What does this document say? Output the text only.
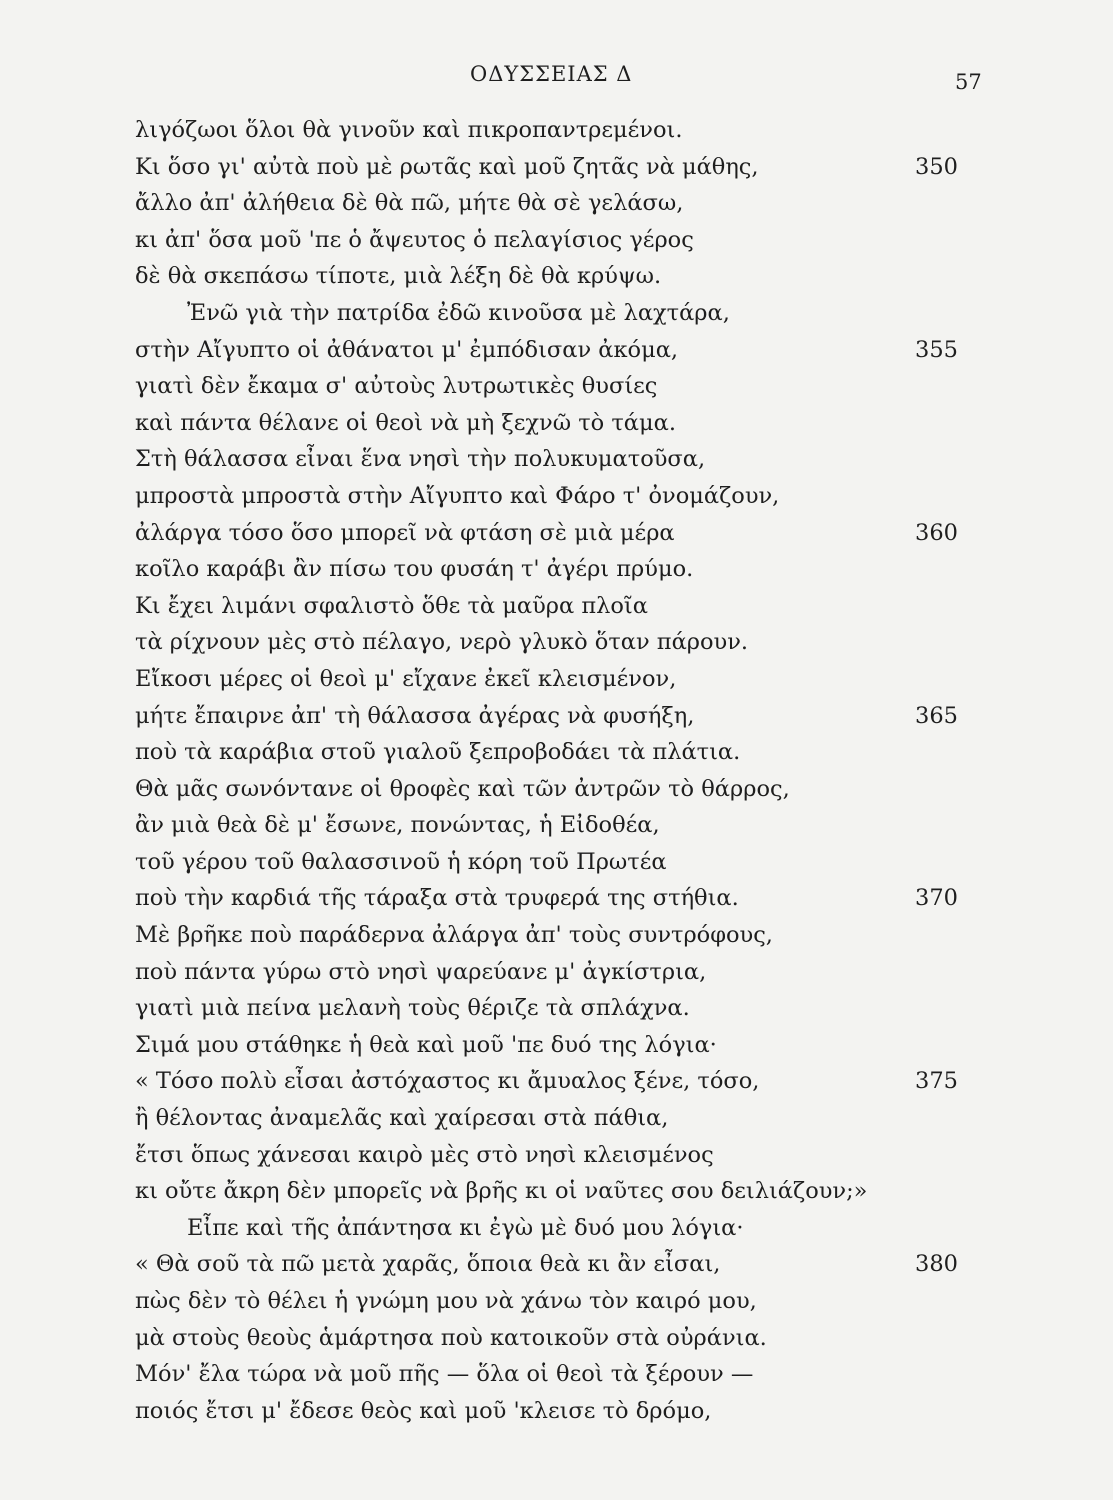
ΟΔΥΣΣΕΙΑΣ Δ	57
λιγόζωοι ὅλοι θὰ γινοῦν καὶ πικροπαντρεμένοι.
Κι ὅσο γι' αὐτὰ ποὺ μὲ ρωτᾶς καὶ μοῦ ζητᾶς νὰ μάθης,	350
ἄλλο ἀπ' ἀλήθεια δὲ θὰ πῶ, μήτε θὰ σὲ γελάσω,
κι ἀπ' ὅσα μοῦ 'πε ὁ ἄψευτος ὁ πελαγίσιος γέρος
δὲ θὰ σκεπάσω τίποτε, μιὰ λέξη δὲ θὰ κρύψω.
Ἐνῶ γιὰ τὴν πατρίδα ἐδῶ κινοῦσα μὲ λαχτάρα,
στὴν Αἴγυπτο οἱ ἀθάνατοι μ' ἐμπόδισαν ἀκόμα,	355
γιατὶ δὲν ἔκαμα σ' αὐτοὺς λυτρωτικὲς θυσίες
καὶ πάντα θέλανε οἱ θεοὶ νὰ μὴ ξεχνῶ τὸ τάμα.
Στὴ θάλασσα εἶναι ἕνα νησὶ τὴν πολυκυματοῦσα,
μπροστὰ μπροστὰ στὴν Αἴγυπτο καὶ Φάρο τ' ὀνομάζουν,
ἀλάργα τόσο ὅσο μπορεῖ νὰ φτάση σὲ μιὰ μέρα	360
κοῖλο καράβι ἂν πίσω του φυσάη τ' ἀγέρι πρύμο.
Κι ἔχει λιμάνι σφαλιστὸ ὅθε τὰ μαῦρα πλοῖα
τὰ ρίχνουν μὲς στὸ πέλαγο, νερὸ γλυκὸ ὅταν πάρουν.
Εἴκοσι μέρες οἱ θεοὶ μ' εἴχανε ἐκεῖ κλεισμένον,
μήτε ἔπαιρνε ἀπ' τὴ θάλασσα ἀγέρας νὰ φυσήξη,	365
ποὺ τὰ καράβια στοῦ γιαλοῦ ξεπροβοδάει τὰ πλάτια.
Θὰ μᾶς σωνόντανε οἱ θροφὲς καὶ τῶν ἀντρῶν τὸ θάρρος,
ἂν μιὰ θεὰ δὲ μ' ἔσωνε, πονώντας, ἡ Εἰδοθέα,
τοῦ γέρου τοῦ θαλασσινοῦ ἡ κόρη τοῦ Πρωτέα
ποὺ τὴν καρδιά τῆς τάραξα στὰ τρυφερά της στήθια.	370
Μὲ βρῆκε ποὺ παράδερνα ἀλάργα ἀπ' τοὺς συντρόφους,
ποὺ πάντα γύρω στὸ νησὶ ψαρεύανε μ' ἀγκίστρια,
γιατὶ μιὰ πείνα μελανὴ τοὺς θέριζε τὰ σπλάχνα.
Σιμά μου στάθηκε ἡ θεὰ καὶ μοῦ 'πε δυό της λόγια·
« Τόσο πολὺ εἶσαι ἀστόχαστος κι ἄμυαλος ξένε, τόσο,	375
ἢ θέλοντας ἀναμελᾶς καὶ χαίρεσαι στὰ πάθια,
ἔτσι ὅπως χάνεσαι καιρὸ μὲς στὸ νησὶ κλεισμένος
κι οὔτε ἄκρη δὲν μπορεῖς νὰ βρῆς κι οἱ ναῦτες σου δειλιάζουν;»
Εἶπε καὶ τῆς ἀπάντησα κι ἐγὼ μὲ δυό μου λόγια·
« Θὰ σοῦ τὰ πῶ μετὰ χαρᾶς, ὅποια θεὰ κι ἂν εἶσαι,	380
πὼς δὲν τὸ θέλει ἡ γνώμη μου νὰ χάνω τὸν καιρό μου,
μὰ στοὺς θεοὺς ἁμάρτησα ποὺ κατοικοῦν στὰ οὐράνια.
Μόν' ἔλα τώρα νὰ μοῦ πῆς — ὅλα οἱ θεοὶ τὰ ξέρουν —
ποιός ἔτσι μ' ἔδεσε θεὸς καὶ μοῦ 'κλεισε τὸ δρόμο,
